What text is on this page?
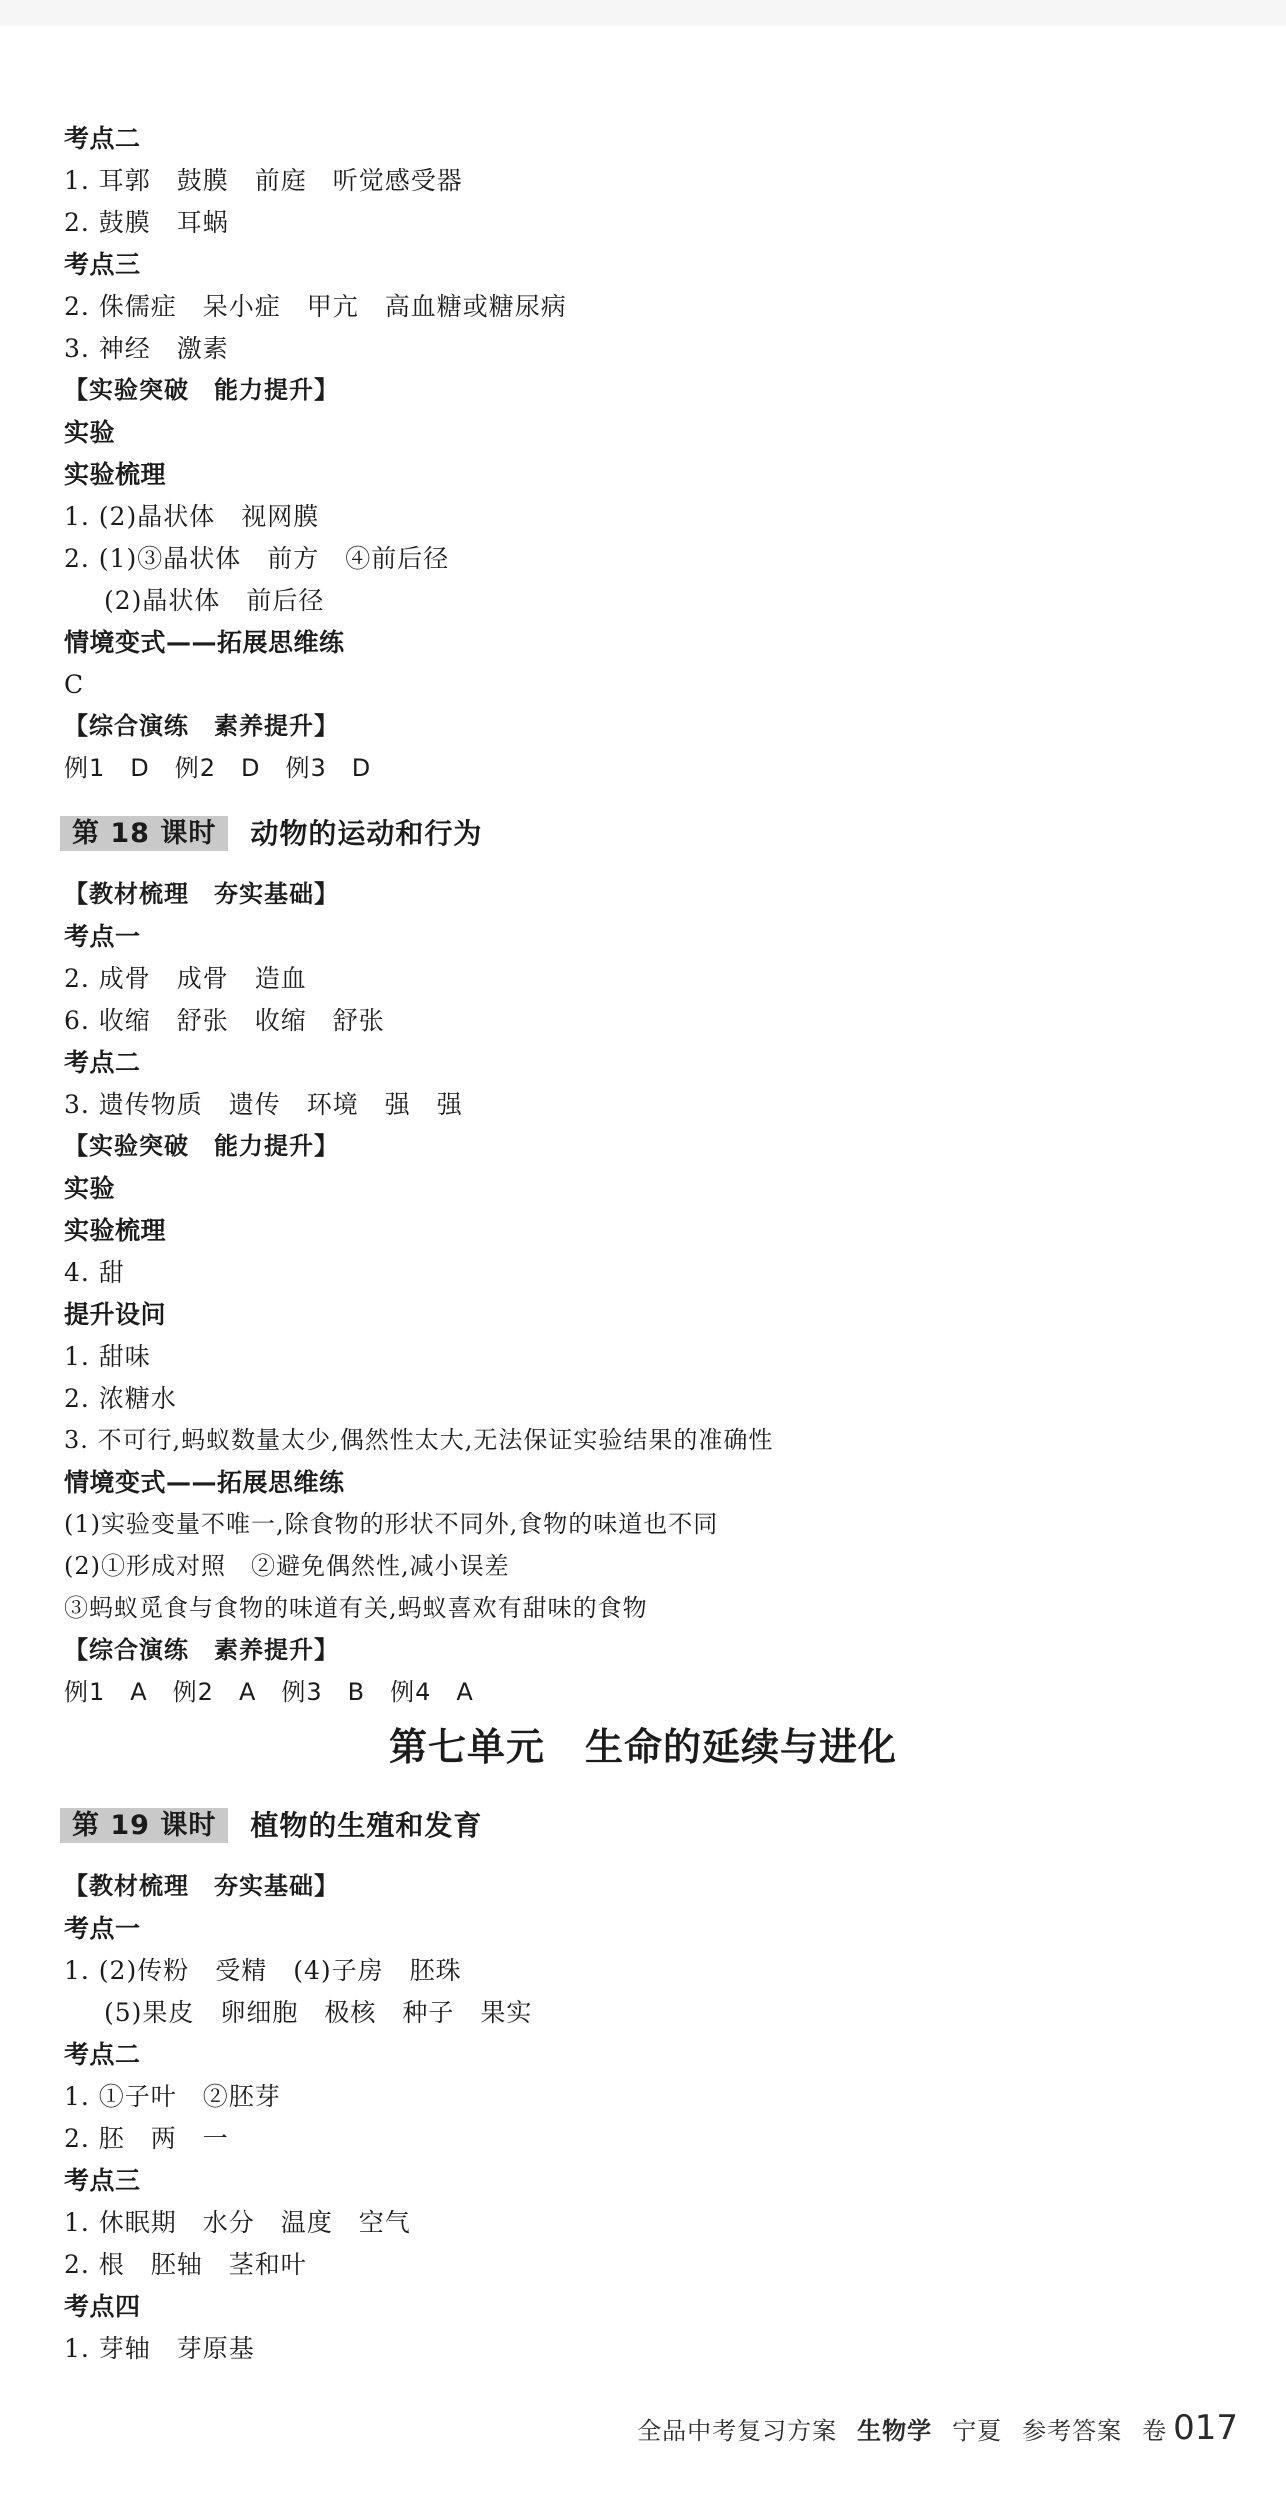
考点二
1. 耳郭　鼓膜　前庭　听觉感受器
2. 鼓膜　耳蜗
考点三
2. 侏儒症　呆小症　甲亢　高血糖或糖尿病
3. 神经　激素
【实验突破　能力提升】
实验
实验梳理
1. (2)晶状体　视网膜
2. (1)③晶状体　前方　④前后径
(2)晶状体　前后径
情境变式——拓展思维练
C
【综合演练　素养提升】
例1　D　例2　D　例3　D
第 18 课时	动物的运动和行为
【教材梳理　夯实基础】
考点一
2. 成骨　成骨　造血
6. 收缩　舒张　收缩　舒张
考点二
3. 遗传物质　遗传　环境　强　强
【实验突破　能力提升】
实验
实验梳理
4. 甜
提升设问
1. 甜味
2. 浓糖水
3. 不可行,蚂蚁数量太少,偶然性太大,无法保证实验结果的准确性
情境变式——拓展思维练
(1)实验变量不唯一,除食物的形状不同外,食物的味道也不同
(2)①形成对照　②避免偶然性,减小误差
③蚂蚁觅食与食物的味道有关,蚂蚁喜欢有甜味的食物
【综合演练　素养提升】
例1　A　例2　A　例3　B　例4　A
第七单元 生命的延续与进化
第 19 课时	植物的生殖和发育
【教材梳理　夯实基础】
考点一
1. (2)传粉　受精　(4)子房　胚珠
(5)果皮　卵细胞　极核　种子　果实
考点二
1. ①子叶　②胚芽
2. 胚　两　一
考点三
1. 休眠期　水分　温度　空气
2. 根　胚轴　茎和叶
考点四
1. 芽轴　芽原基
全品中考复习方案 生物学 宁夏 参考答案 卷 017
